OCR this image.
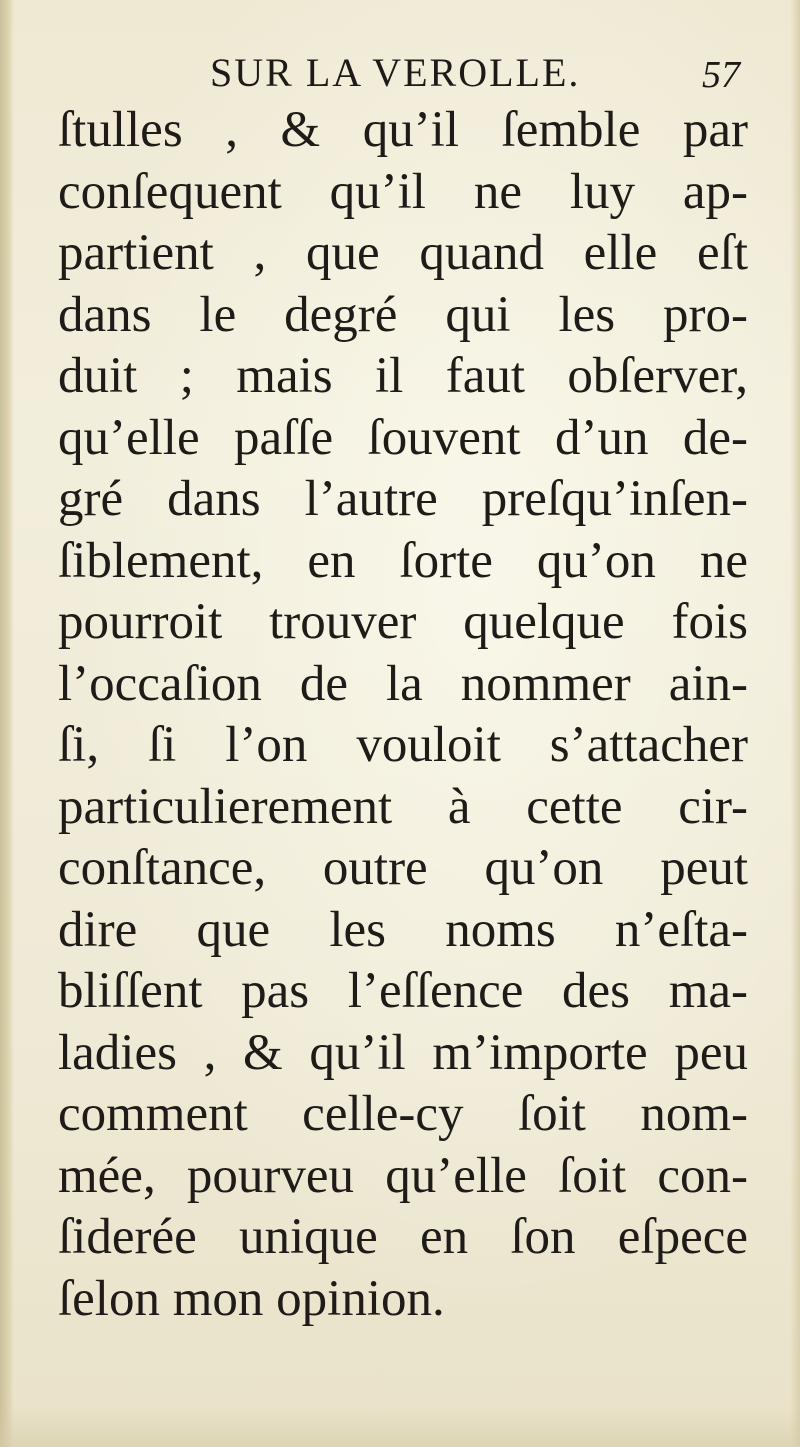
SUR LA VEROLLE.	57
ſtulles , & qu’il ſemble par
conſequent qu’il ne luy ap-
partient , que quand elle eſt
dans le degré qui les pro-
duit ; mais il faut obſerver,
qu’elle paſſe ſouvent d’un de-
gré dans l’autre preſqu’inſen-
ſiblement, en ſorte qu’on ne
pourroit trouver quelque fois
l’occaſion de la nommer ain-
ſi, ſi l’on vouloit s’attacher
particulierement à cette cir-
conſtance, outre qu’on peut
dire que les noms n’eſta-
bliſſent pas l’eſſence des ma-
ladies , & qu’il m’importe peu
comment celle-cy ſoit nom-
mée, pourveu qu’elle ſoit con-
ſiderée unique en ſon eſpece
ſelon mon opinion.
